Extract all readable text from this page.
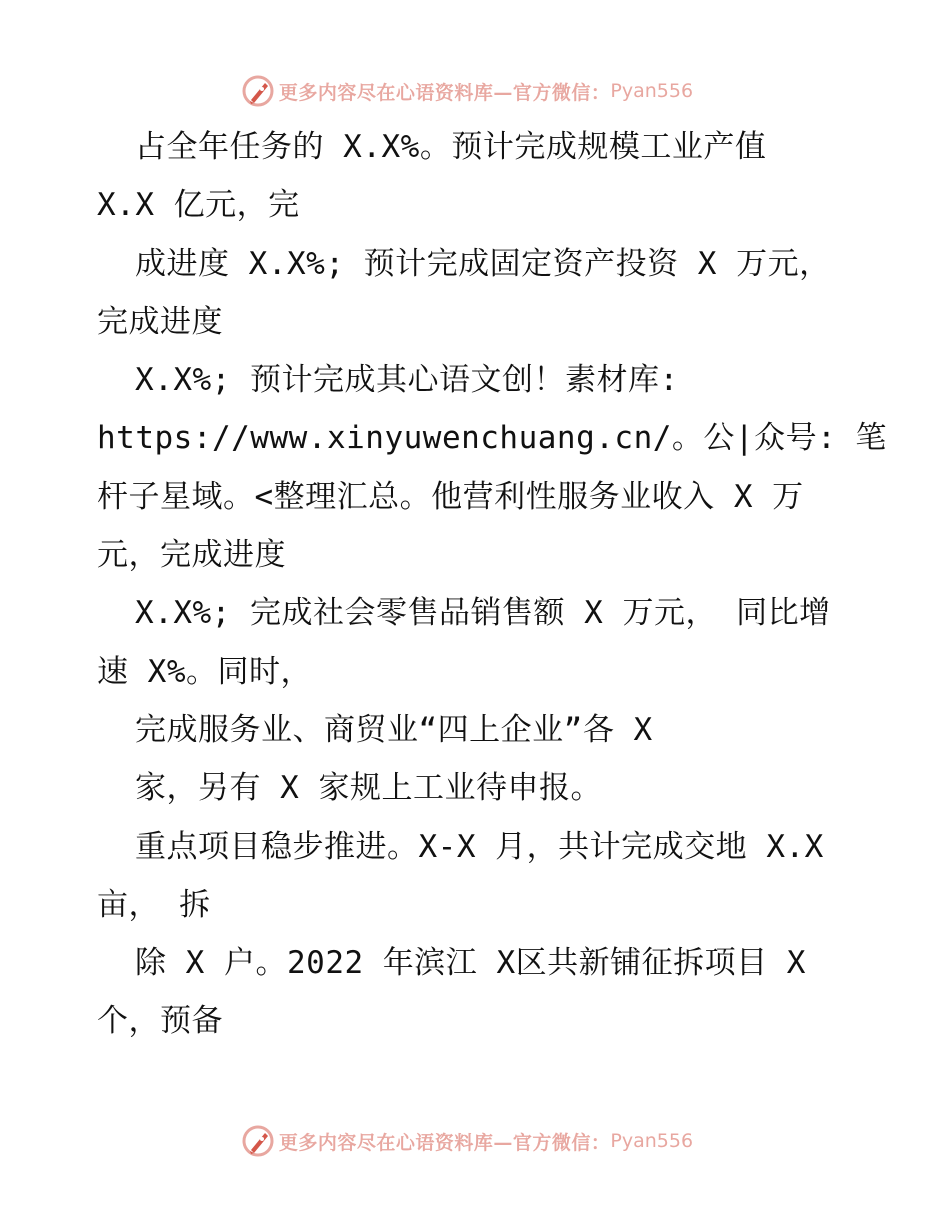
更多内容尽在心语资料库—官方微信： Pyan556
占全年任务的 X.X%。预计完成规模工业产值
X.X 亿元，完
成进度 X.X%; 预计完成固定资产投资 X 万元，
完成进度
X.X%; 预计完成其心语文创！素材库:
https://www.xinyuwenchuang.cn/。公|众号: 笔
杆子星域。<整理汇总。他营利性服务业收入 X 万
元，完成进度
X.X%; 完成社会零售品销售额 X 万元， 同比增
速 X%。同时，
完成服务业、商贸业“四上企业”各 X
家，另有 X 家规上工业待申报。
重点项目稳步推进。X-X 月，共计完成交地 X.X
亩， 拆
除 X 户。2022 年滨江 X区共新铺征拆项目 X
个，预备
更多内容尽在心语资料库—官方微信： Pyan556
